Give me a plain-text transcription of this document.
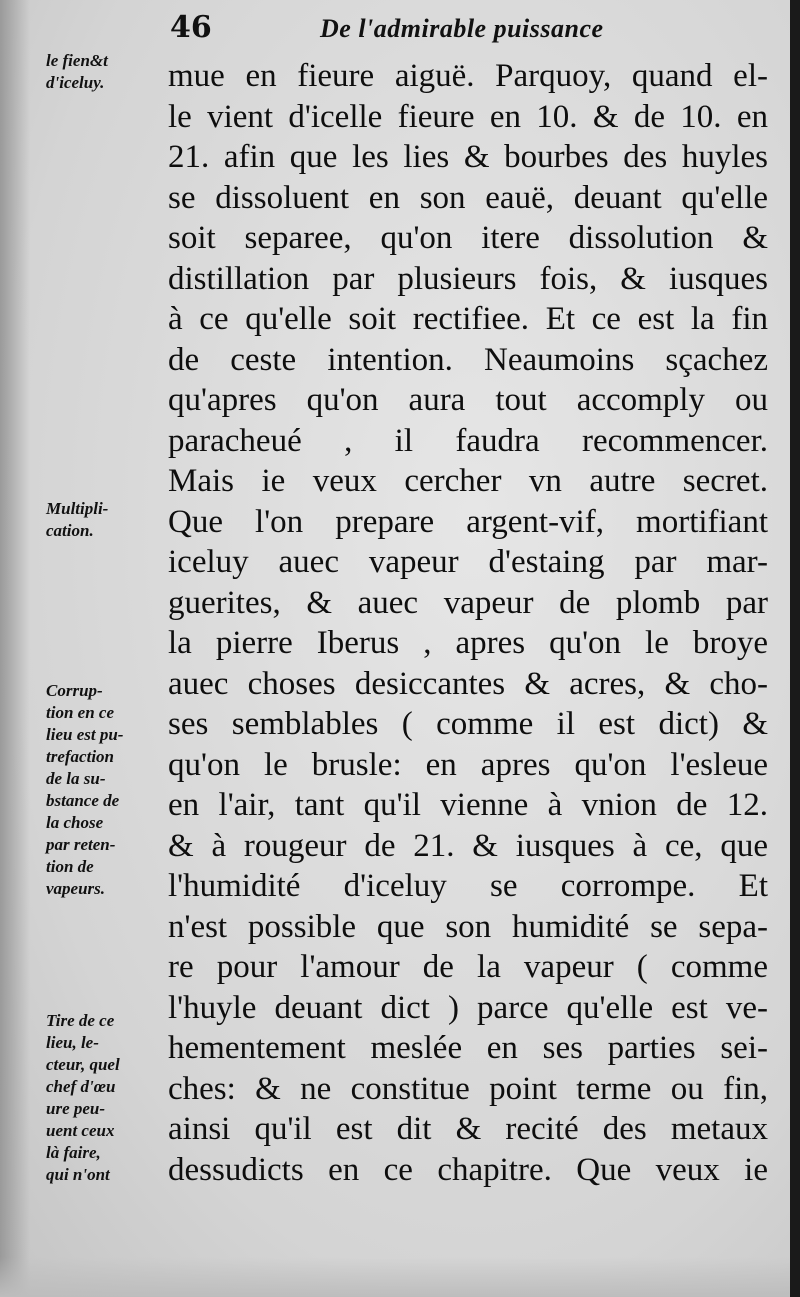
46	De l'admirable puissance
le fien&t
d'iceluy.
Multipli-
cation.
Corrup-
tion en ce
lieu est pu-
trefaction
de la su-
bstance de
la chose
par reten-
tion de
vapeurs.
Tire de ce
lieu, le-
cteur, quel
chef d'œu
ure peu-
uent ceux
là faire,
qui n'ont
mue en fieure aiguë. Parquoy, quand el-
le vient d'icelle fieure en 10. & de 10. en
21. afin que les lies & bourbes des huyles
se dissoluent en son eauë, deuant qu'elle
soit separee, qu'on itere dissolution &
distillation par plusieurs fois, & iusques
à ce qu'elle soit rectifiee. Et ce est la fin
de ceste intention. Neaumoins sçachez
qu'apres qu'on aura tout accomply ou
paracheué , il faudra recommencer.
Mais ie veux cercher vn autre secret.
Que l'on prepare argent-vif, mortifiant
iceluy auec vapeur d'estaing par mar-
guerites, & auec vapeur de plomb par
la pierre Iberus , apres qu'on le broye
auec choses desiccantes & acres, & cho-
ses semblables ( comme il est dict) &
qu'on le brusle: en apres qu'on l'esleue
en l'air, tant qu'il vienne à vnion de 12.
& à rougeur de 21. & iusques à ce, que
l'humidité d'iceluy se corrompe. Et
n'est possible que son humidité se sepa-
re pour l'amour de la vapeur ( comme
l'huyle deuant dict ) parce qu'elle est ve-
hementement meslée en ses parties sei-
ches: & ne constitue point terme ou fin,
ainsi qu'il est dit & recité des metaux
dessudicts en ce chapitre. Que veux ie
